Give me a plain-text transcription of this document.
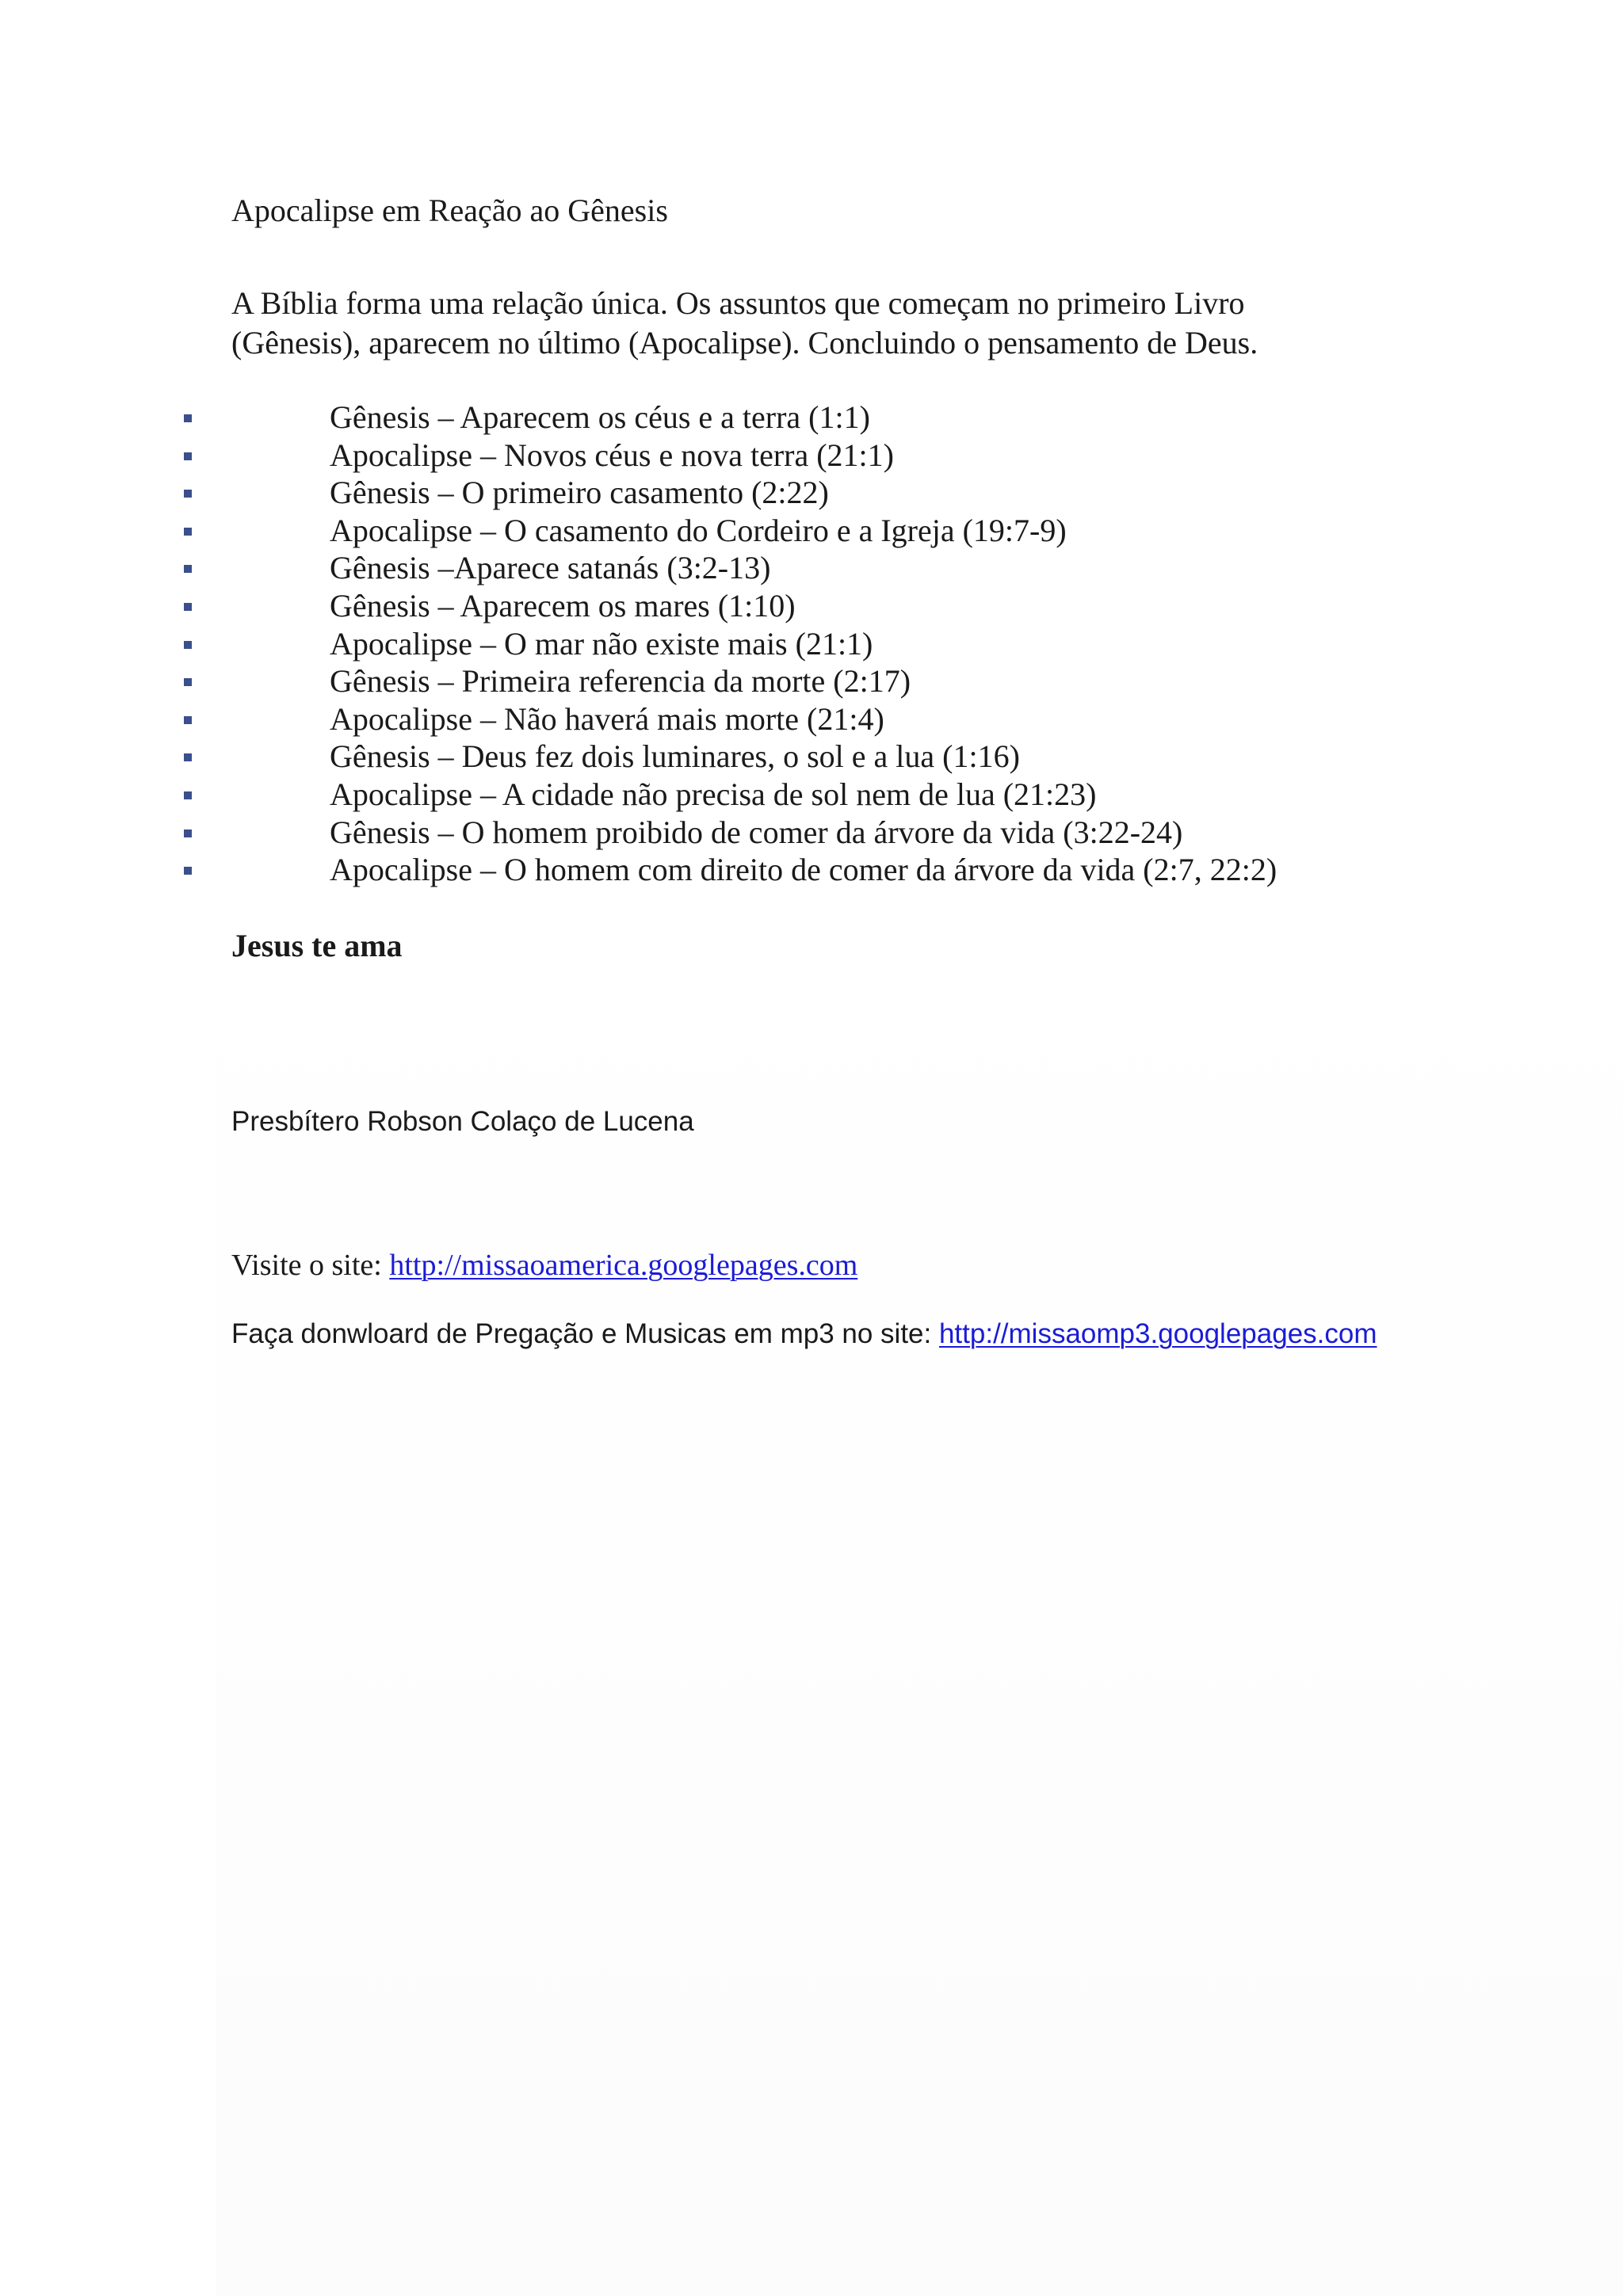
Apocalipse em Reação ao Gênesis

A Bíblia forma uma relação única. Os assuntos que começam no primeiro Livro
(Gênesis), aparecem no último (Apocalipse). Concluindo o pensamento de Deus.

Gênesis – Aparecem os céus e a terra (1:1)
Apocalipse – Novos céus e nova terra (21:1)
Gênesis – O primeiro casamento (2:22)
Apocalipse – O casamento do Cordeiro e a Igreja (19:7-9)
Gênesis –Aparece satanás (3:2-13)
Gênesis – Aparecem os mares (1:10)
Apocalipse – O mar não existe mais (21:1)
Gênesis – Primeira referencia da morte (2:17)
Apocalipse – Não haverá mais morte (21:4)
Gênesis – Deus fez dois luminares, o sol e a lua (1:16)
Apocalipse – A cidade não precisa de sol nem de lua (21:23)
Gênesis – O homem proibido de comer da árvore da vida (3:22-24)
Apocalipse – O homem com direito de comer da árvore da vida (2:7, 22:2)

Jesus te ama

Presbítero Robson Colaço de Lucena
Visite o site: http://missaoamerica.googlepages.com
Faça donwloard de Pregação e Musicas em mp3 no site: http://missaomp3.googlepages.com
